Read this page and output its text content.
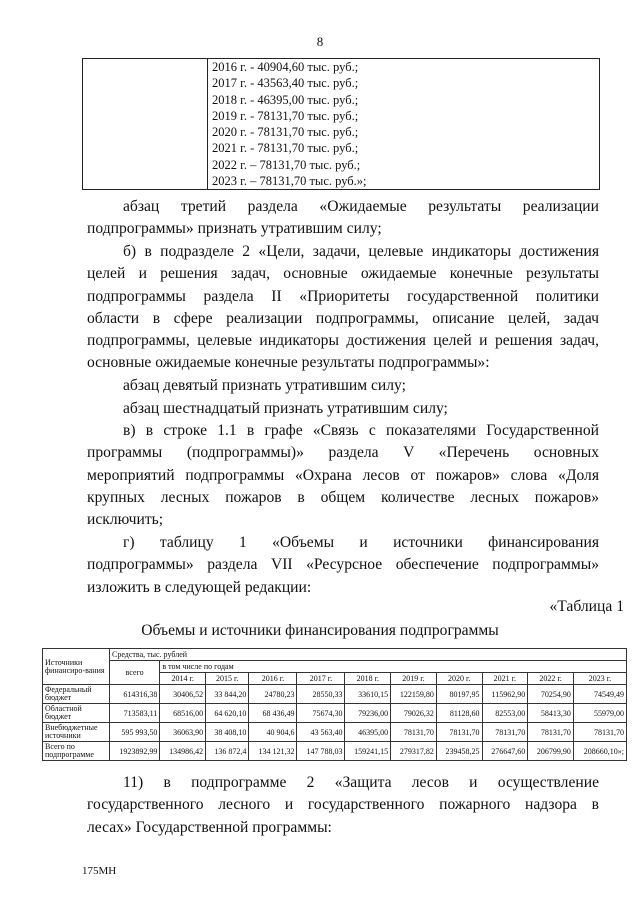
8

2016 г. - 40904,60 тыс. руб.;
2017 г. - 43563,40 тыс. руб.;
2018 г. - 46395,00 тыс. руб.;
2019 г. - 78131,70 тыс. руб.;
2020 г. - 78131,70 тыс. руб.;
2021 г. - 78131,70 тыс. руб.;
2022 г. – 78131,70 тыс. руб.;
2023 г. – 78131,70 тыс. руб.»;
абзац третий раздела «Ожидаемые результаты реализации
подпрограммы» признать утратившим силу;
б) в подразделе 2 «Цели, задачи, целевые индикаторы достижения
целей и решения задач, основные ожидаемые конечные результаты
подпрограммы раздела II «Приоритеты государственной политики
области в сфере реализации подпрограммы, описание целей, задач
подпрограммы, целевые индикаторы достижения целей и решения задач,
основные ожидаемые конечные результаты подпрограммы»:
абзац девятый признать утратившим силу;
абзац шестнадцатый признать утратившим силу;
в) в строке 1.1 в графе «Связь с показателями Государственной
программы (подпрограммы)» раздела V «Перечень основных
мероприятий подпрограммы «Охрана лесов от пожаров» слова «Доля
крупных лесных пожаров в общем количестве лесных пожаров»
исключить;
г) таблицу 1 «Объемы и источники финансирования
подпрограммы» раздела VII «Ресурсное обеспечение подпрограммы»
изложить в следующей редакции:
«Таблица 1
Объемы и источники финансирования подпрограммы
Источники финансиро-вания	Средства, тыс. рублей										
	всего	в том числе по годам									
		2014 г.	2015 г.	2016 г.	2017 г.	2018 г.	2019 г.	2020 г.	2021 г.	2022 г.	2023 г.
Федеральный бюджет	614316,38	30406,52	33 844,20	24780,23	28550,33	33610,15	122159,80	80197,95	115962,90	70254,90	74549,49
Областной бюджет	713583,11	68516,00	64 620,10	68 436,49	75674,30	79236,00	79026,32	81128,60	82553,00	58413,30	55979,00
Внебюджетные источники	595 993,50	36063,90	38 408,10	40 904,6	43 563,40	46395,00	78131,70	78131,70	78131,70	78131,70	78131,70
Всего по подпрограмме	1923892,99	134986,42	136 872,4	134 121,32	147 788,03	159241,15	279317,82	239458,25	276647,60	206799,90	208660,10»;
11) в подпрограмме 2 «Защита лесов и осуществление
государственного лесного и государственного пожарного надзора в
лесах» Государственной программы:
175МН
